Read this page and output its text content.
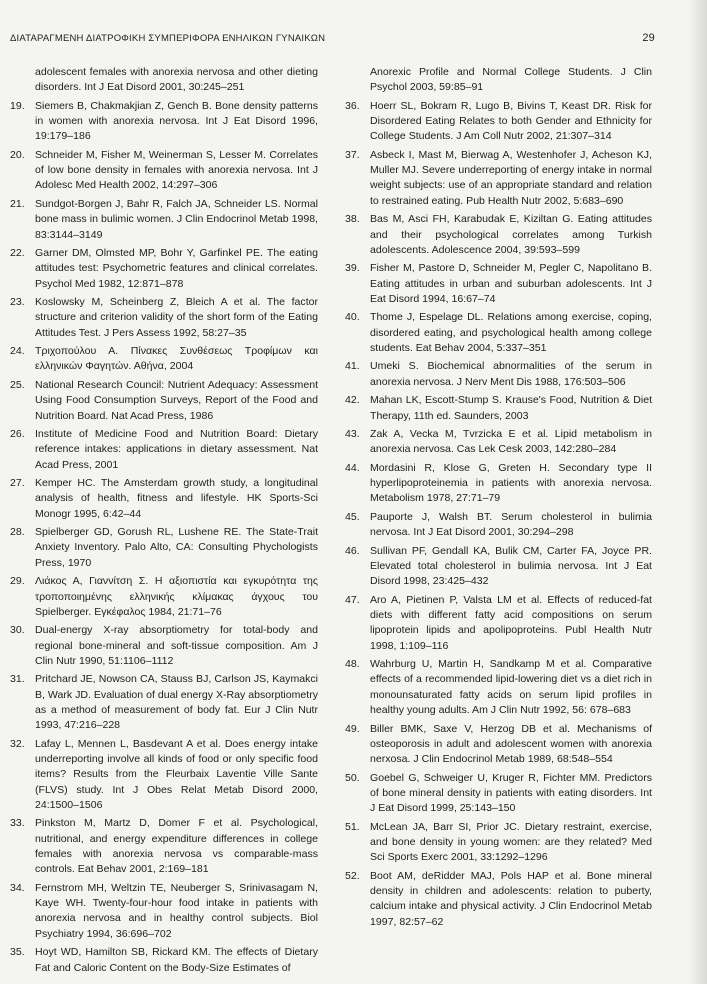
ΔΙΑΤΑΡΑΓΜΕΝΗ ΔΙΑΤΡΟΦΙΚΗ ΣΥΜΠΕΡΙΦΟΡΑ ΕΝΗΛΙΚΩΝ ΓΥΝΑΙΚΩΝ	29
adolescent females with anorexia nervosa and other dieting disorders. Int J Eat Disord 2001, 30:245–251
19. Siemers B, Chakmakjian Z, Gench B. Bone density patterns in women with anorexia nervosa. Int J Eat Disord 1996, 19:179–186
20. Schneider M, Fisher M, Weinerman S, Lesser M. Correlates of low bone density in females with anorexia nervosa. Int J Adolesc Med Health 2002, 14:297–306
21. Sundgot-Borgen J, Bahr R, Falch JA, Schneider LS. Normal bone mass in bulimic women. J Clin Endocrinol Metab 1998, 83:3144–3149
22. Garner DM, Olmsted MP, Bohr Y, Garfinkel PE. The eating attitudes test: Psychometric features and clinical correlates. Psychol Med 1982, 12:871–878
23. Koslowsky M, Scheinberg Z, Bleich A et al. The factor structure and criterion validity of the short form of the Eating Attitudes Test. J Pers Assess 1992, 58:27–35
24. Τριχοπούλου Α. Πίνακες Συνθέσεως Τροφίμων και ελληνικών Φαγητών. Αθήνα, 2004
25. National Research Council: Nutrient Adequacy: Assessment Using Food Consumption Surveys, Report of the Food and Nutrition Board. Nat Acad Press, 1986
26. Institute of Medicine Food and Nutrition Board: Dietary reference intakes: applications in dietary assessment. Nat Acad Press, 2001
27. Kemper HC. The Amsterdam growth study, a longitudinal analysis of health, fitness and lifestyle. HK Sports-Sci Monogr 1995, 6:42–44
28. Spielberger GD, Gorush RL, Lushene RE. The State-Trait Anxiety Inventory. Palo Alto, CA: Consulting Phychologists Press, 1970
29. Λιάκος Α, Γιαννίτση Σ. Η αξιοπιστία και εγκυρότητα της τροποποιημένης ελληνικής κλίμακας άγχους του Spielberger. Εγκέφαλος 1984, 21:71–76
30. Dual-energy X-ray absorptiometry for total-body and regional bone-mineral and soft-tissue composition. Am J Clin Nutr 1990, 51:1106–1112
31. Pritchard JE, Nowson CA, Stauss BJ, Carlson JS, Kaymakci B, Wark JD. Evaluation of dual energy X-Ray absorptiometry as a method of measurement of body fat. Eur J Clin Nutr 1993, 47:216–228
32. Lafay L, Mennen L, Basdevant A et al. Does energy intake underreporting involve all kinds of food or only specific food items? Results from the Fleurbaix Laventie Ville Sante (FLVS) study. Int J Obes Relat Metab Disord 2000, 24:1500–1506
33. Pinkston M, Martz D, Domer F et al. Psychological, nutritional, and energy expenditure differences in college females with anorexia nervosa vs comparable-mass controls. Eat Behav 2001, 2:169–181
34. Fernstrom MH, Weltzin TE, Neuberger S, Srinivasagam N, Kaye WH. Twenty-four-hour food intake in patients with anorexia nervosa and in healthy control subjects. Biol Psychiatry 1994, 36:696–702
35. Hoyt WD, Hamilton SB, Rickard KM. The effects of Dietary Fat and Caloric Content on the Body-Size Estimates of
Anorexic Profile and Normal College Students. J Clin Psychol 2003, 59:85–91
36. Hoerr SL, Bokram R, Lugo B, Bivins T, Keast DR. Risk for Disordered Eating Relates to both Gender and Ethnicity for College Students. J Am Coll Nutr 2002, 21:307–314
37. Asbeck I, Mast M, Bierwag A, Westenhofer J, Acheson KJ, Muller MJ. Severe underreporting of energy intake in normal weight subjects: use of an appropriate standard and relation to restrained eating. Pub Health Nutr 2002, 5:683–690
38. Bas M, Asci FH, Karabudak E, Kiziltan G. Eating attitudes and their psychological correlates among Turkish adolescents. Adolescence 2004, 39:593–599
39. Fisher M, Pastore D, Schneider M, Pegler C, Napolitano B. Eating attitudes in urban and suburban adolescents. Int J Eat Disord 1994, 16:67–74
40. Thome J, Espelage DL. Relations among exercise, coping, disordered eating, and psychological health among college students. Eat Behav 2004, 5:337–351
41. Umeki S. Biochemical abnormalities of the serum in anorexia nervosa. J Nerv Ment Dis 1988, 176:503–506
42. Mahan LK, Escott-Stump S. Krause's Food, Nutrition & Diet Therapy, 11th ed. Saunders, 2003
43. Zak A, Vecka M, Tvrzicka E et al. Lipid metabolism in anorexia nervosa. Cas Lek Cesk 2003, 142:280–284
44. Mordasini R, Klose G, Greten H. Secondary type II hyperlipoproteinemia in patients with anorexia nervosa. Metabolism 1978, 27:71–79
45. Pauporte J, Walsh BT. Serum cholesterol in bulimia nervosa. Int J Eat Disord 2001, 30:294–298
46. Sullivan PF, Gendall KA, Bulik CM, Carter FA, Joyce PR. Elevated total cholesterol in bulimia nervosa. Int J Eat Disord 1998, 23:425–432
47. Aro A, Pietinen P, Valsta LM et al. Effects of reduced-fat diets with different fatty acid compositions on serum lipoprotein lipids and apolipoproteins. Publ Health Nutr 1998, 1:109–116
48. Wahrburg U, Martin H, Sandkamp M et al. Comparative effects of a recommended lipid-lowering diet vs a diet rich in monounsaturated fatty acids on serum lipid profiles in healthy young adults. Am J Clin Nutr 1992, 56: 678–683
49. Biller BMK, Saxe V, Herzog DB et al. Mechanisms of osteoporosis in adult and adolescent women with anorexia nerxosa. J Clin Endocrinol Metab 1989, 68:548–554
50. Goebel G, Schweiger U, Kruger R, Fichter MM. Predictors of bone mineral density in patients with eating disorders. Int J Eat Disord 1999, 25:143–150
51. McLean JA, Barr SI, Prior JC. Dietary restraint, exercise, and bone density in young women: are they related? Med Sci Sports Exerc 2001, 33:1292–1296
52. Boot AM, deRidder MAJ, Pols HAP et al. Bone mineral density in children and adolescents: relation to puberty, calcium intake and physical activity. J Clin Endocrinol Metab 1997, 82:57–62
